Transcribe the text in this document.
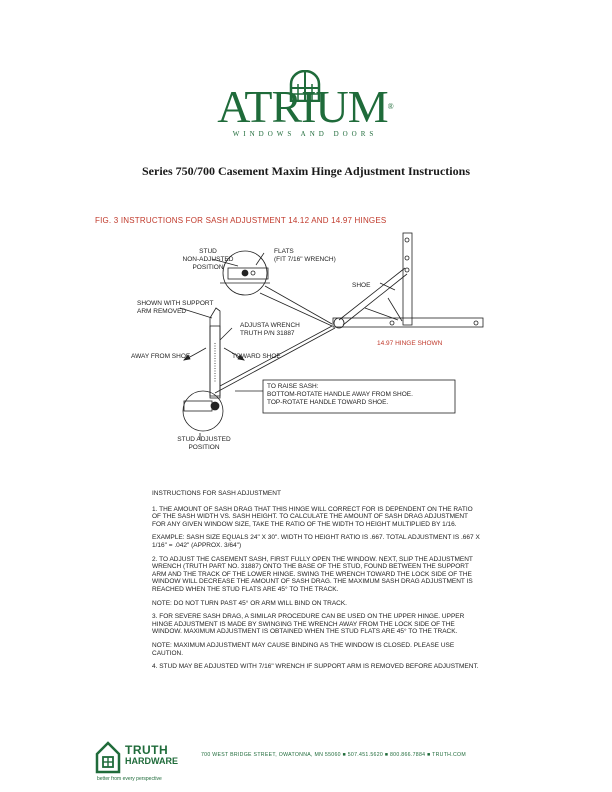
ATRIUM®
WINDOWS AND DOORS
Series 750/700 Casement Maxim Hinge Adjustment Instructions
FIG. 3 INSTRUCTIONS FOR SASH ADJUSTMENT 14.12 AND 14.97 HINGES
STUD
NON-ADJUSTED
POSITION
FLATS
(FIT 7/16" WRENCH)
SHOE
SHOWN WITH SUPPORT
ARM REMOVED
ADJUSTA WRENCH
TRUTH P/N 31887
AWAY FROM SHOE	TOWARD SHOE
14.97 HINGE SHOWN
TO RAISE SASH:
BOTTOM-ROTATE HANDLE AWAY FROM SHOE.
TOP-ROTATE HANDLE TOWARD SHOE.
STUD ADJUSTED
POSITION

INSTRUCTIONS FOR SASH ADJUSTMENT

1. THE AMOUNT OF SASH DRAG THAT THIS HINGE WILL CORRECT FOR IS DEPENDENT ON THE RATIO OF THE SASH WIDTH VS. SASH HEIGHT. TO CALCULATE THE AMOUNT OF SASH DRAG ADJUSTMENT FOR ANY GIVEN WINDOW SIZE, TAKE THE RATIO OF THE WIDTH TO HEIGHT MULTIPLIED BY 1/16.

EXAMPLE: SASH SIZE EQUALS 24" X 30". WIDTH TO HEIGHT RATIO IS .667. TOTAL ADJUSTMENT IS .667 X 1/16" = .042" (APPROX. 3/64")

2. TO ADJUST THE CASEMENT SASH, FIRST FULLY OPEN THE WINDOW. NEXT, SLIP THE ADJUSTMENT WRENCH (TRUTH PART NO. 31887) ONTO THE BASE OF THE STUD, FOUND BETWEEN THE SUPPORT ARM AND THE TRACK OF THE LOWER HINGE. SWING THE WRENCH TOWARD THE LOCK SIDE OF THE WINDOW WILL DECREASE THE AMOUNT OF SASH DRAG. THE MAXIMUM SASH DRAG ADJUSTMENT IS REACHED WHEN THE STUD FLATS ARE 45° TO THE TRACK.

NOTE: DO NOT TURN PAST 45° OR ARM WILL BIND ON TRACK.

3. FOR SEVERE SASH DRAG, A SIMILAR PROCEDURE CAN BE USED ON THE UPPER HINGE. UPPER HINGE ADJUSTMENT IS MADE BY SWINGING THE WRENCH AWAY FROM THE LOCK SIDE OF THE WINDOW. MAXIMUM ADJUSTMENT IS OBTAINED WHEN THE STUD FLATS ARE 45° TO THE TRACK.

NOTE: MAXIMUM ADJUSTMENT MAY CAUSE BINDING AS THE WINDOW IS CLOSED. PLEASE USE CAUTION.

4. STUD MAY BE ADJUSTED WITH 7/16" WRENCH IF SUPPORT ARM IS REMOVED BEFORE ADJUSTMENT.

TRUTH
HARDWARE
better from every perspective
700 WEST BRIDGE STREET, OWATONNA, MN 55060 ■ 507.451.5620 ■ 800.866.7884 ■ TRUTH.COM
